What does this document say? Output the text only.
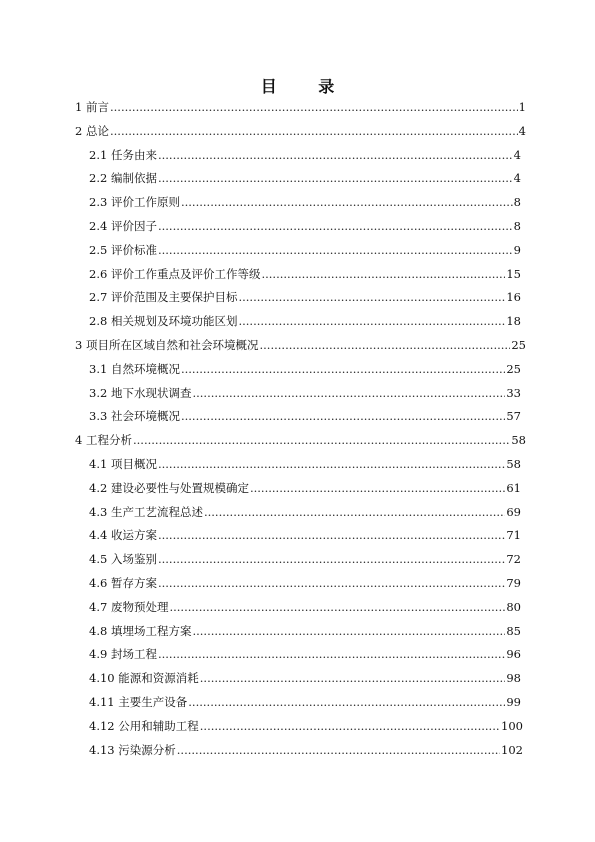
目 录
1 前言 .....	1
2 总论 .....	4
2.1 任务由来 .....	4
2.2 编制依据 .....	4
2.3 评价工作原则 .....	8
2.4 评价因子 .....	8
2.5 评价标准 .....	9
2.6 评价工作重点及评价工作等级 .....	15
2.7 评价范围及主要保护目标 .....	16
2.8 相关规划及环境功能区划 .....	18
3 项目所在区域自然和社会环境概况 .....	25
3.1 自然环境概况 .....	25
3.2 地下水现状调查 .....	33
3.3 社会环境概况 .....	57
4 工程分析 .....	58
4.1 项目概况 .....	58
4.2 建设必要性与处置规模确定 .....	61
4.3 生产工艺流程总述 .....	69
4.4 收运方案 .....	71
4.5 入场鉴别 .....	72
4.6 暂存方案 .....	79
4.7 废物预处理 .....	80
4.8 填埋场工程方案 .....	85
4.9 封场工程 .....	96
4.10 能源和资源消耗 .....	98
4.11 主要生产设备 .....	99
4.12 公用和辅助工程 .....	100
4.13 污染源分析 .....	102
